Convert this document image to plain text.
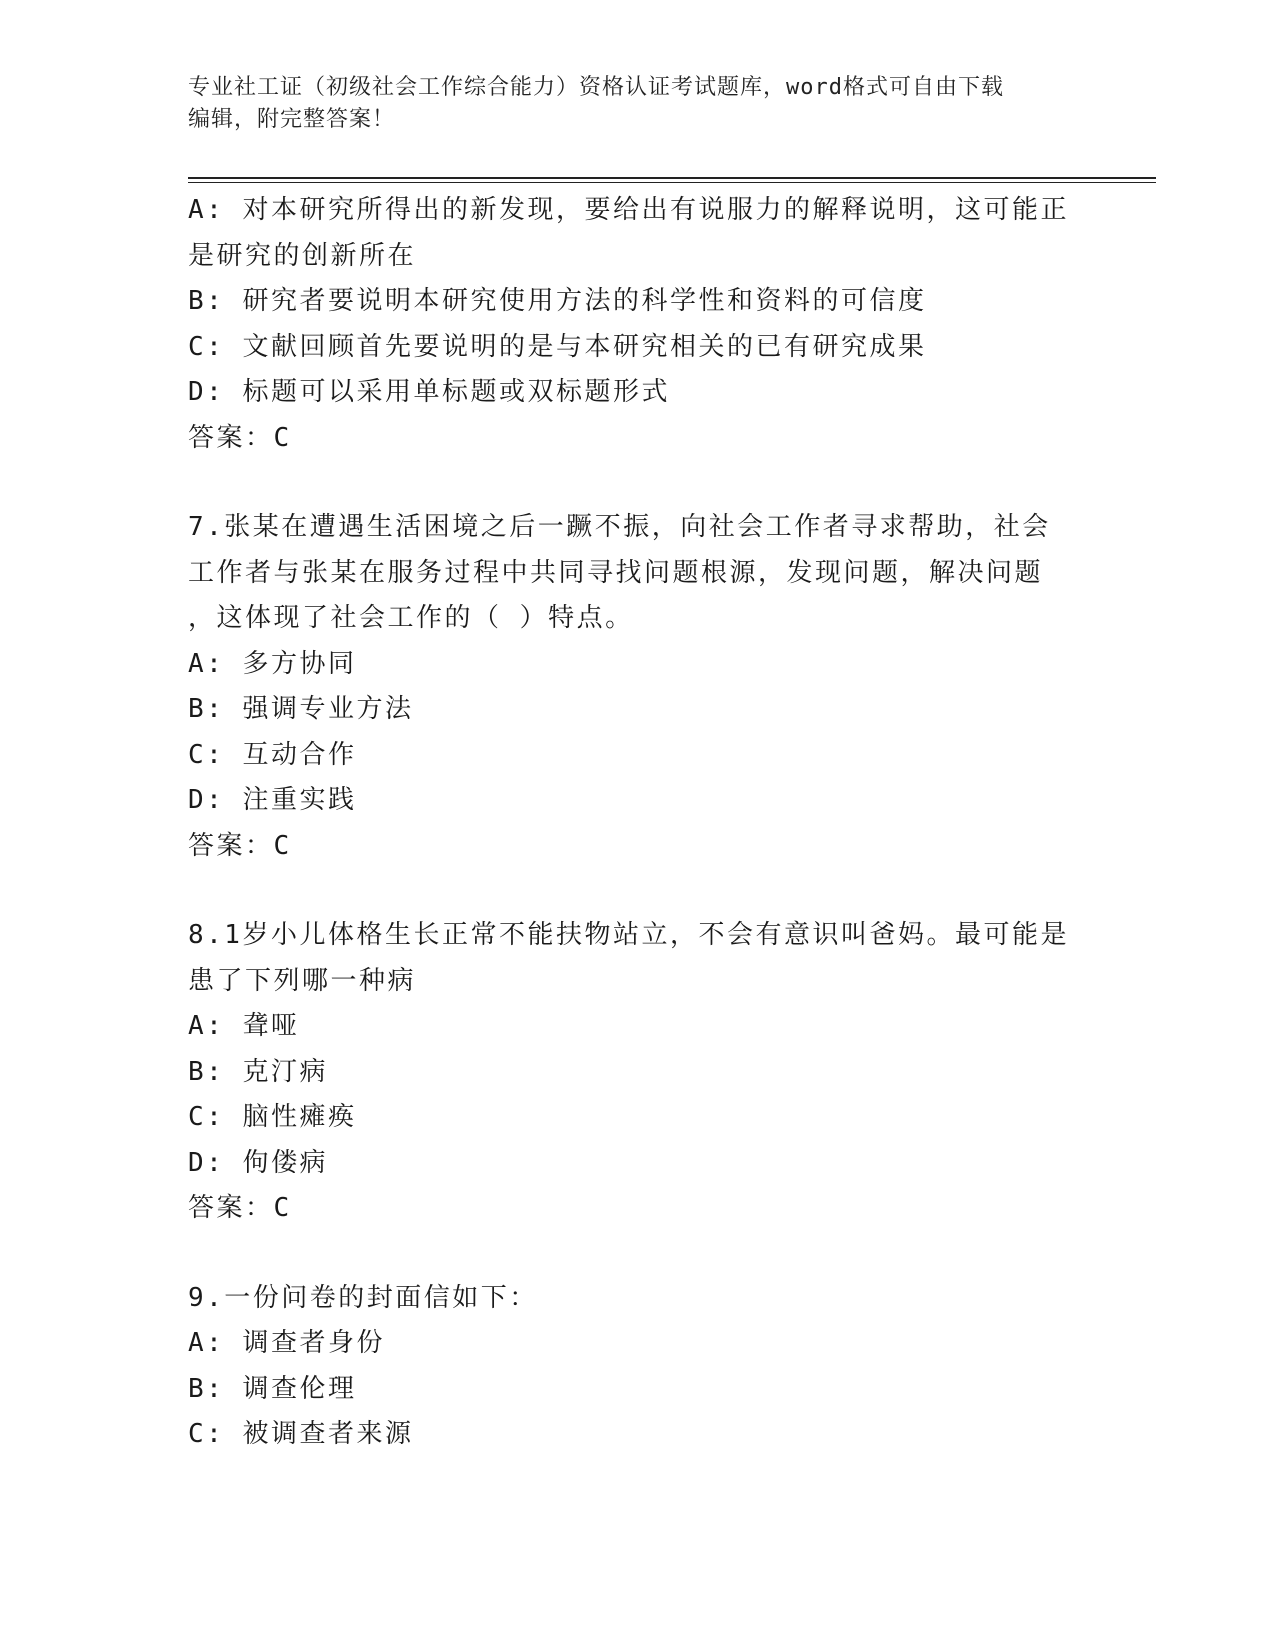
专业社工证（初级社会工作综合能力）资格认证考试题库，word格式可自由下载
编辑，附完整答案！
A: 对本研究所得出的新发现，要给出有说服力的解释说明，这可能正
是研究的创新所在
B: 研究者要说明本研究使用方法的科学性和资料的可信度
C: 文献回顾首先要说明的是与本研究相关的已有研究成果
D: 标题可以采用单标题或双标题形式
答案：C
7.张某在遭遇生活困境之后一蹶不振，向社会工作者寻求帮助，社会
工作者与张某在服务过程中共同寻找问题根源，发现问题，解决问题
，这体现了社会工作的（ ）特点。
A: 多方协同
B: 强调专业方法
C: 互动合作
D: 注重实践
答案：C
8.1岁小儿体格生长正常不能扶物站立，不会有意识叫爸妈。最可能是
患了下列哪一种病
A: 聋哑
B: 克汀病
C: 脑性瘫痪
D: 佝偻病
答案：C
9.一份问卷的封面信如下：
A: 调查者身份
B: 调查伦理
C: 被调查者来源
